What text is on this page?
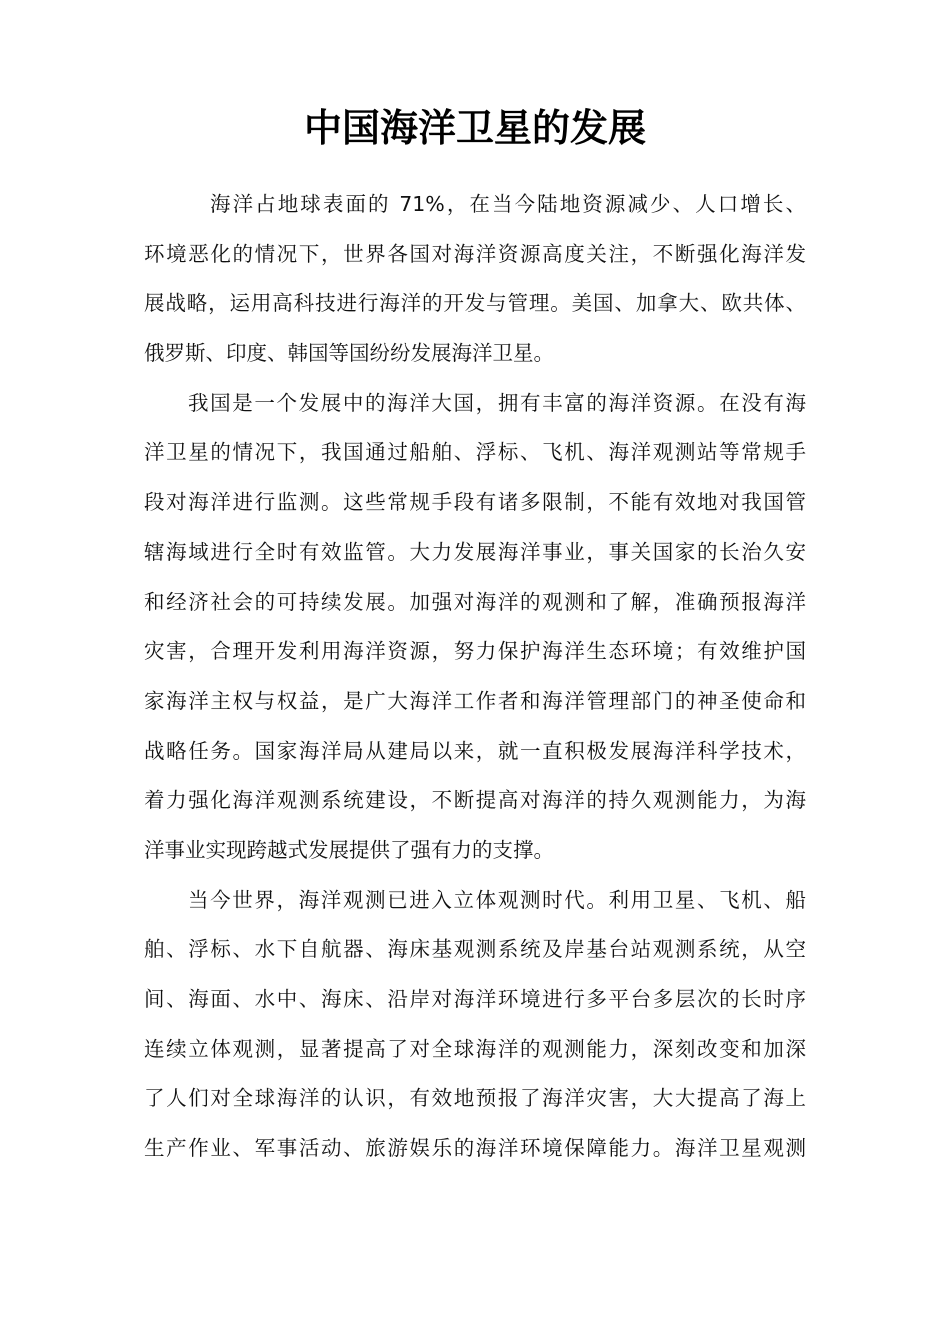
中国海洋卫星的发展
海洋占地球表面的 71%，在当今陆地资源减少、人口增长、
环境恶化的情况下，世界各国对海洋资源高度关注，不断强化海洋发
展战略，运用高科技进行海洋的开发与管理。美国、加拿大、欧共体、
俄罗斯、印度、韩国等国纷纷发展海洋卫星。
我国是一个发展中的海洋大国，拥有丰富的海洋资源。在没有海
洋卫星的情况下，我国通过船舶、浮标、飞机、海洋观测站等常规手
段对海洋进行监测。这些常规手段有诸多限制，不能有效地对我国管
辖海域进行全时有效监管。大力发展海洋事业，事关国家的长治久安
和经济社会的可持续发展。加强对海洋的观测和了解，准确预报海洋
灾害，合理开发利用海洋资源，努力保护海洋生态环境；有效维护国
家海洋主权与权益，是广大海洋工作者和海洋管理部门的神圣使命和
战略任务。国家海洋局从建局以来，就一直积极发展海洋科学技术，
着力强化海洋观测系统建设，不断提高对海洋的持久观测能力，为海
洋事业实现跨越式发展提供了强有力的支撑。
当今世界，海洋观测已进入立体观测时代。利用卫星、飞机、船
舶、浮标、水下自航器、海床基观测系统及岸基台站观测系统，从空
间、海面、水中、海床、沿岸对海洋环境进行多平台多层次的长时序
连续立体观测，显著提高了对全球海洋的观测能力，深刻改变和加深
了人们对全球海洋的认识，有效地预报了海洋灾害，大大提高了海上
生产作业、军事活动、旅游娱乐的海洋环境保障能力。海洋卫星观测
